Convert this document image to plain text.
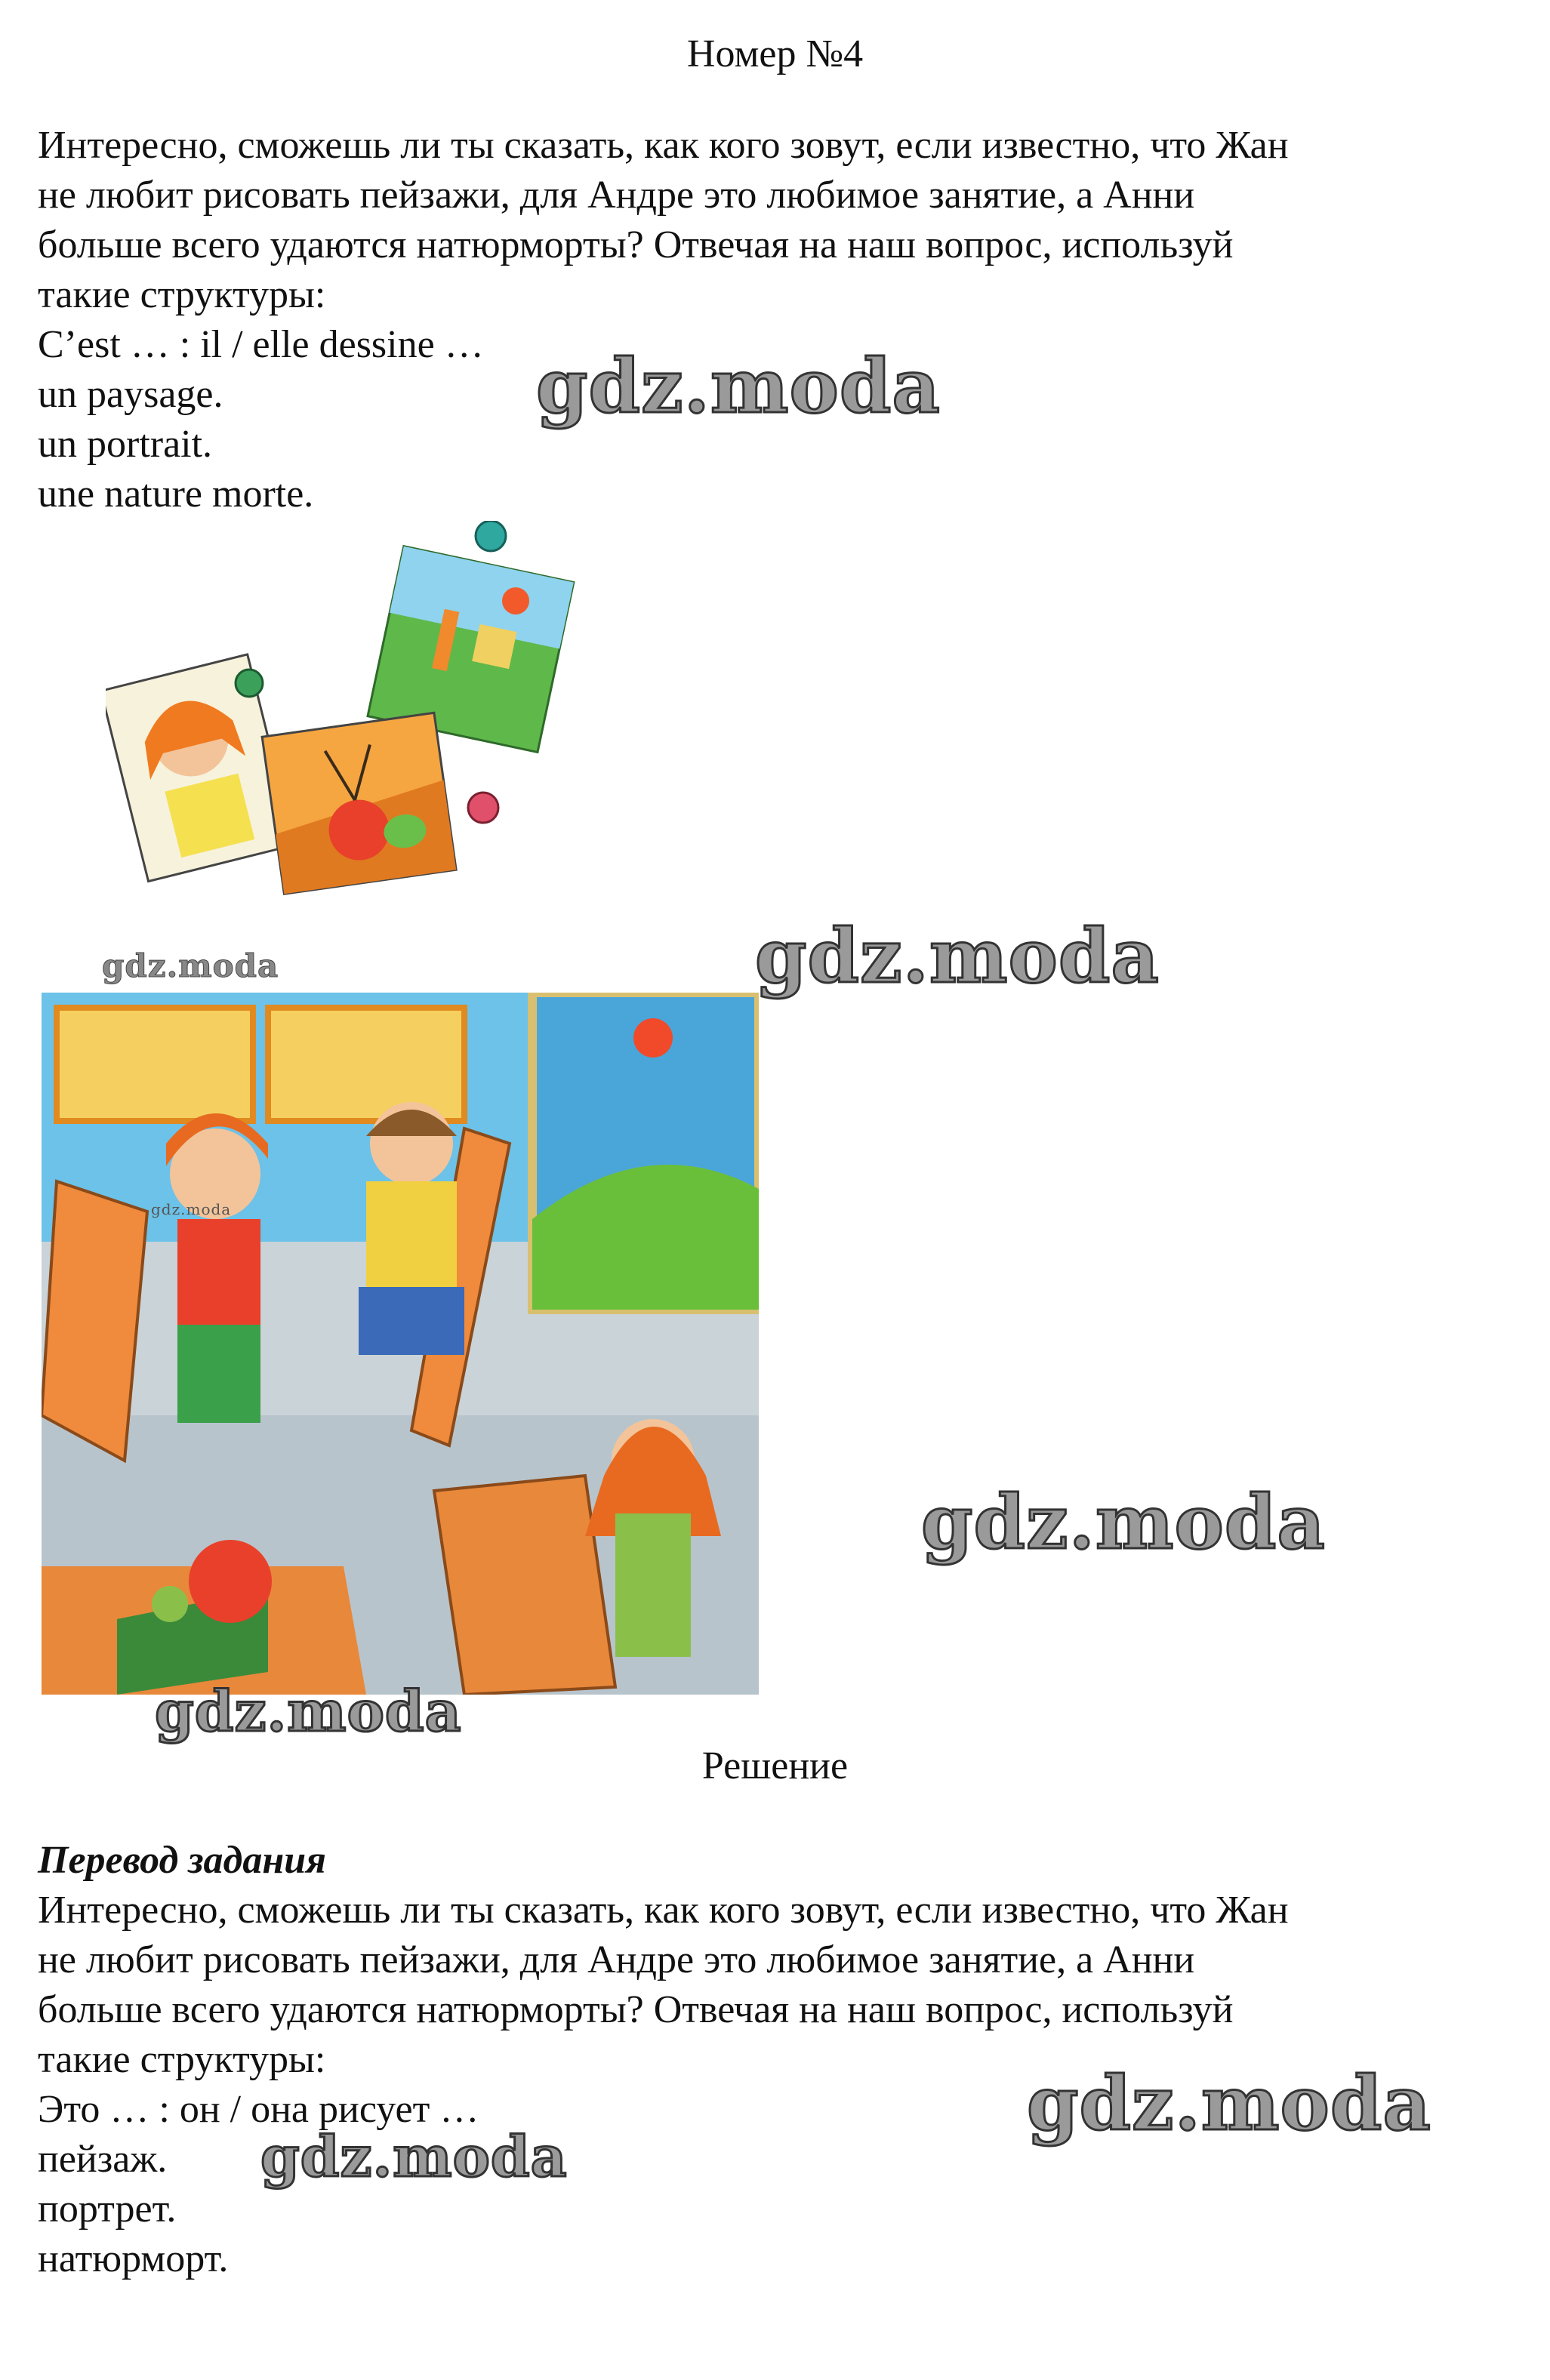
Номер №4
Интересно, сможешь ли ты сказать, как кого зовут, если известно, что Жан
не любит рисовать пейзажи, для Андре это любимое занятие, а Анни
больше всего удаются натюрморты? Отвечая на наш вопрос, используй
такие структуры:
C’est … : il / elle dessine …
un paysage.
un portrait.
une nature morte.
gdz.moda
gdz.moda	gdz.moda
gdz.moda
gdz.moda
gdz.moda
gdz.moda
gdz.moda
Решение
Перевод задания
Интересно, сможешь ли ты сказать, как кого зовут, если известно, что Жан
не любит рисовать пейзажи, для Андре это любимое занятие, а Анни
больше всего удаются натюрморты? Отвечая на наш вопрос, используй
такие структуры:
Это … : он / она рисует …
пейзаж.
портрет.
натюрморт.
